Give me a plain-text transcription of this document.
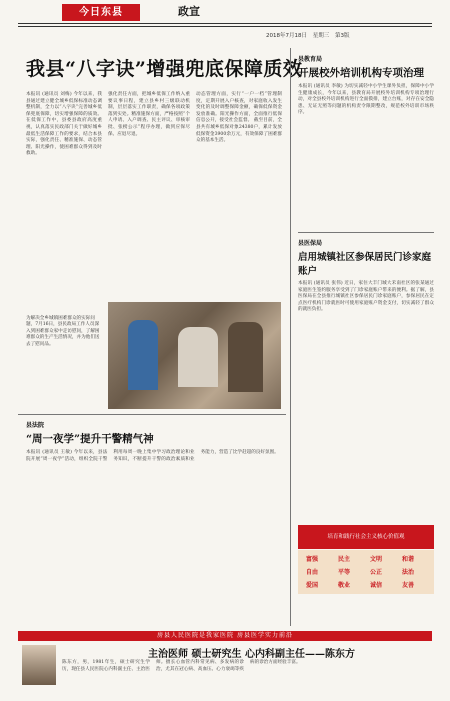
今日东县	政宣
2018年7月18日 星期三 第3版
我县“八字诀”增强兜底保障质效
本报讯 (通讯员 刘梅) 今年以来，我县通过建立健全城乡低保标准动态调整机制，全力以“八字诀”完善城乡低保兜底保障，切实增强保障的质效。 在低保工作中，县委县政府高度重视，认真落实民政部门关于做好城乡最低生活保障工作的要求，结合本县实际，强化责任、精准施保、动态管理、阳光操作，使困难群众得到及时救助。
强化责任方面，把城乡低保工作纳入重要议事日程，建立县乡村三级联动机制，层层落实工作职责，确保各项政策落到实处。精准施保方面，严格按照“个人申请、入户调查、民主评议、审核审批、张榜公示”程序办理，做到应保尽保、应退尽退。
动态管理方面，实行“一户一档”管理制度，定期开展入户核查，对家庭收入发生变化的及时调整保障金额，确保低保资金发放准确。阳光操作方面，全面推行低保信息公开，接受社会监督。 截至目前，全县共有城乡低保对象24380户，累计发放低保资金3900余万元，有效保障了困难群众的基本生活。
为解决全乡城镇困难群众的实际问题，7月16日，县民政局工作人员深入到困难群众家中走访慰问，了解困难群众的生产生活情况，并为他们送去了慰问品。
县教育局
开展校外培训机构专项治理
本报讯 (通讯员 李敏) 为切实减轻中小学生课外负担，保障中小学生健康成长，今年以来，县教育局开展校外培训机构专项治理行动，对全县校外培训机构进行全面摸排，建立台账，对存在安全隐患、无证无照等问题的机构责令限期整改，规范校外培训市场秩序。
县医保局
启用城镇社区参保居民门诊家庭账户
本报讯 (通讯员 张伟) 近日，家住大丰门城大禾南社区的张某通过家庭医生签约服务享受到了门诊家庭账户带来的便利。据了解，县医保局在全县推行城镇社区参保居民门诊家庭账户，参保居民在定点医疗机构门诊就医时可使用家庭账户资金支付，切实减轻了群众的就医负担。
培育和践行社会主义核心价值观
富强	民主	文明	和谐
自由	平等	公正	法治
爱国	敬业	诚信	友善
县法院
“周一夜学”提升干警精气神
本报讯 (通讯员 王敏) 今年以来，县法院开展“周一夜学”活动，组织全院干警利用每周一晚上集中学习政治理论和业务知识，不断提升干警的政治素质和业务能力，营造了比学赶超的良好氛围。
房县人民医院是我家医院 房县医学实力前沿
主治医师 硕士研究生 心内科副主任——陈东方
陈东方，男，1981年生，硕士研究生学历，现任县人民医院心内科副主任、主治医师。擅长心血管内科常见病、多发病的诊治，尤其在冠心病、高血压、心力衰竭等疾病的诊治方面经验丰富。
